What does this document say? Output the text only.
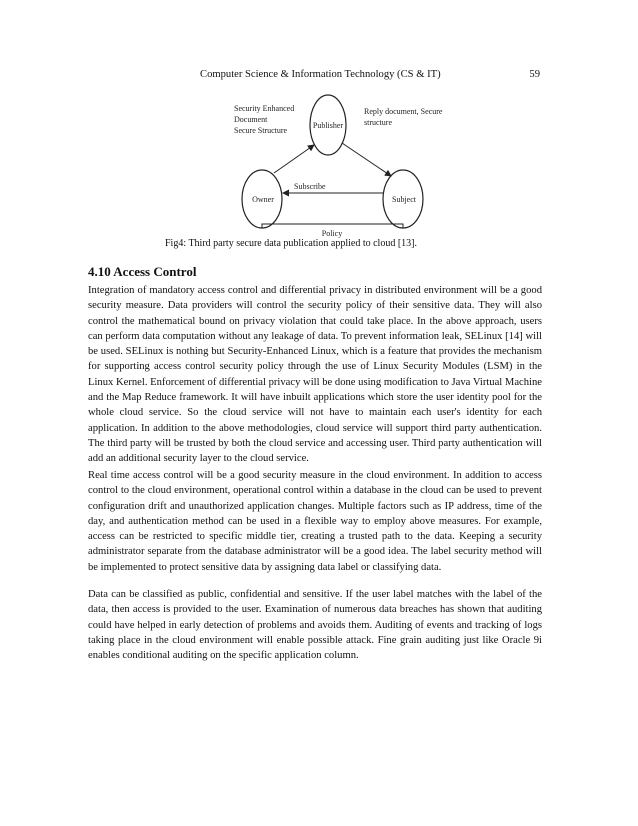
Computer Science & Information Technology (CS & IT)	59
Publisher
Owner	Subject
Security Enhanced
Document
Secure Structure
Reply document, Secure
structure
Subscribe
Policy
Fig4: Third party secure data publication applied to cloud [13].
4.10 Access Control

Integration of mandatory access control and differential privacy in distributed environment will be a good security measure. Data providers will control the security policy of their sensitive data. They will also control the mathematical bound on privacy violation that could take place. In the above approach, users can perform data computation without any leakage of data. To prevent information leak, SELinux [14] will be used. SELinux is nothing but Security-Enhanced Linux, which is a feature that provides the mechanism for supporting access control security policy through the use of Linux Security Modules (LSM) in the Linux Kernel. Enforcement of differential privacy will be done using modification to Java Virtual Machine and the Map Reduce framework. It will have inbuilt applications which store the user identity pool for the whole cloud service. So the cloud service will not have to maintain each user's identity for each application. In addition to the above methodologies, cloud service will support third party authentication. The third party will be trusted by both the cloud service and accessing user. Third party authentication will add an additional security layer to the cloud service.

Real time access control will be a good security measure in the cloud environment. In addition to access control to the cloud environment, operational control within a database in the cloud can be used to prevent configuration drift and unauthorized application changes. Multiple factors such as IP address, time of the day, and authentication method can be used in a flexible way to employ above measures. For example, access can be restricted to specific middle tier, creating a trusted path to the data. Keeping a security administrator separate from the database administrator will be a good idea. The label security method will be implemented to protect sensitive data by assigning data label or classifying data.

Data can be classified as public, confidential and sensitive. If the user label matches with the label of the data, then access is provided to the user. Examination of numerous data breaches has shown that auditing could have helped in early detection of problems and avoids them. Auditing of events and tracking of logs taking place in the cloud environment will enable possible attack. Fine grain auditing just like Oracle 9i enables conditional auditing on the specific application column.
